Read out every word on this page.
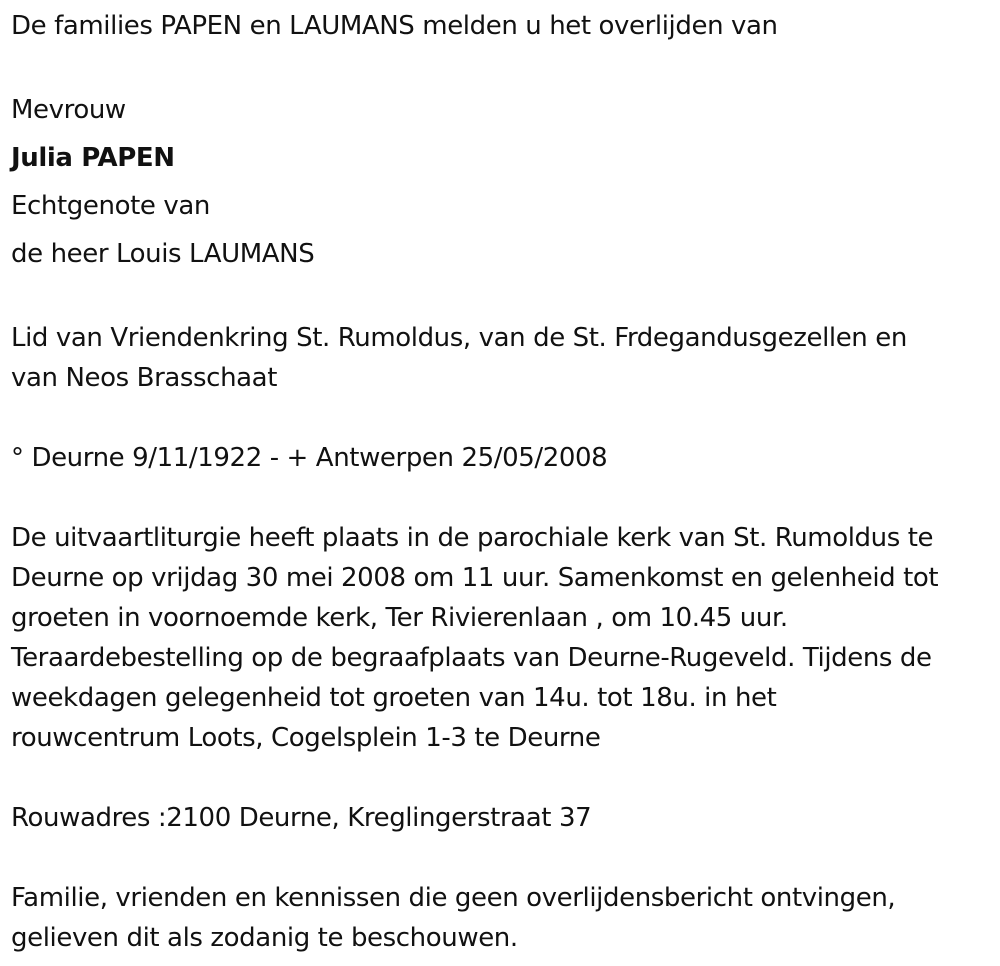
De families PAPEN en LAUMANS melden u het overlijden van
Mevrouw
Julia PAPEN
Echtgenote van
de heer Louis LAUMANS
Lid van Vriendenkring St. Rumoldus, van de St. Frdegandusgezellen en
van Neos Brasschaat
° Deurne 9/11/1922 - + Antwerpen 25/05/2008
De uitvaartliturgie heeft plaats in de parochiale kerk van St. Rumoldus te
Deurne op vrijdag 30 mei 2008 om 11 uur. Samenkomst en gelenheid tot
groeten in voornoemde kerk, Ter Rivierenlaan , om 10.45 uur.
Teraardebestelling op de begraafplaats van Deurne-Rugeveld. Tijdens de
weekdagen gelegenheid tot groeten van 14u. tot 18u. in het
rouwcentrum Loots, Cogelsplein 1-3 te Deurne
Rouwadres :2100 Deurne, Kreglingerstraat 37
Familie, vrienden en kennissen die geen overlijdensbericht ontvingen,
gelieven dit als zodanig te beschouwen.
